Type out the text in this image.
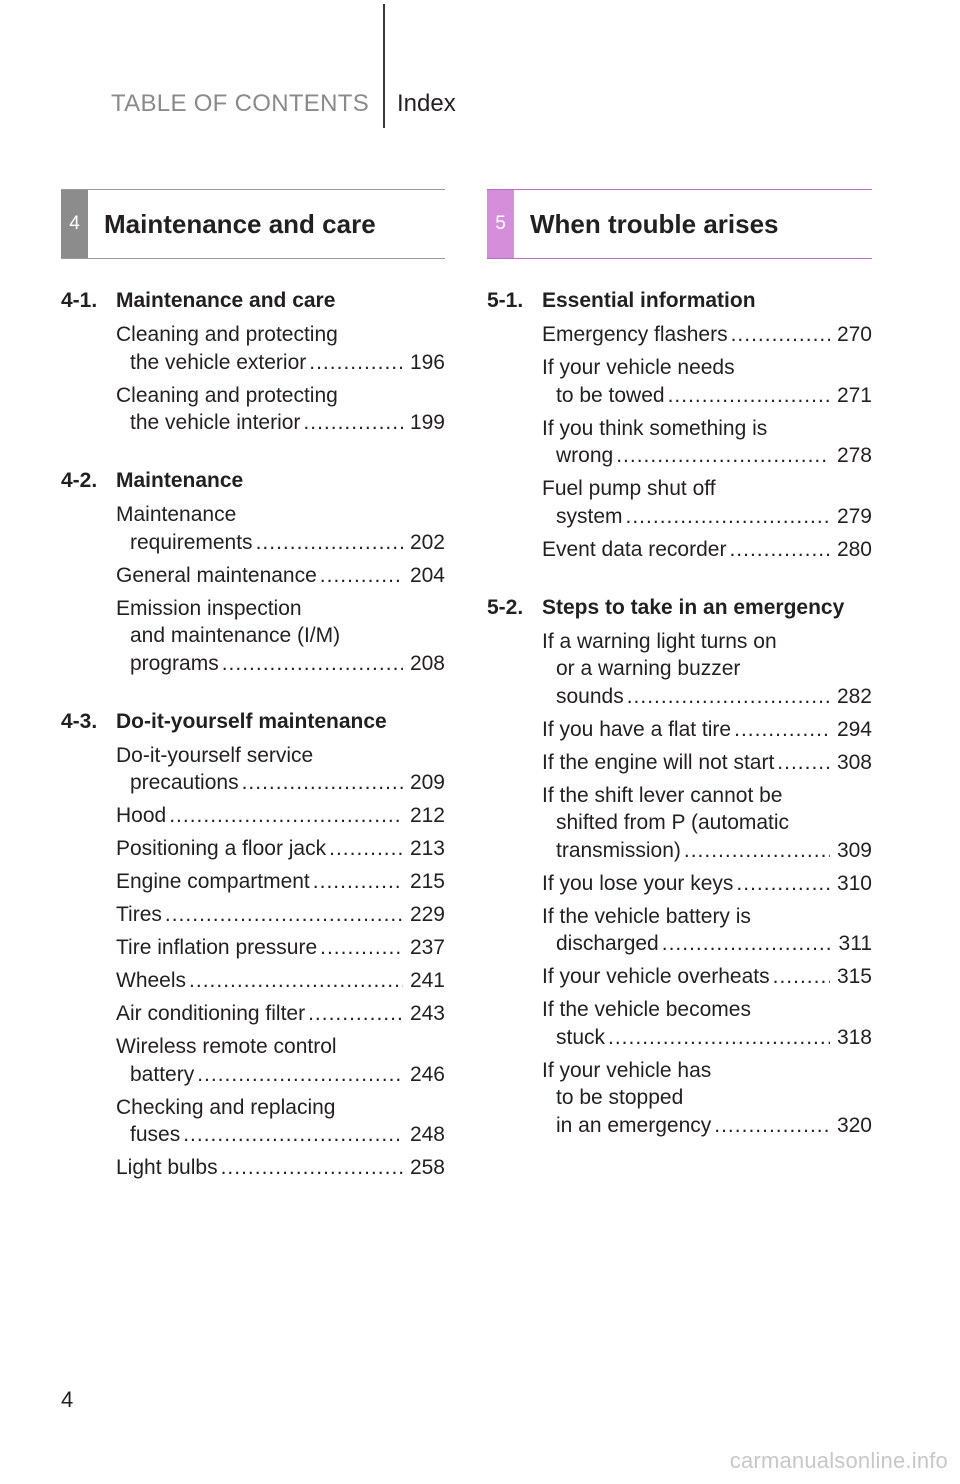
TABLE OF CONTENTS Index
4 Maintenance and care	5 When trouble arises
4-1. Maintenance and care
Cleaning and protecting
the vehicle exterior .....	196
Cleaning and protecting
the vehicle interior .....	199
4-2. Maintenance
Maintenance
requirements .....	202
General maintenance .....	204
Emission inspection
and maintenance (I/M)
programs .....	208
4-3. Do-it-yourself maintenance
Do-it-yourself service
precautions .....	209
Hood .....	212
Positioning a floor jack .....	213
Engine compartment .....	215
Tires .....	229
Tire inflation pressure .....	237
Wheels .....	241
Air conditioning filter .....	243
Wireless remote control
battery .....	246
Checking and replacing
fuses .....	248
Light bulbs .....	258
5-1. Essential information
Emergency flashers .....	270
If your vehicle needs
to be towed .....	271
If you think something is
wrong .....	278
Fuel pump shut off
system .....	279
Event data recorder .....	280
5-2. Steps to take in an emergency
If a warning light turns on
or a warning buzzer
sounds .....	282
If you have a flat tire .....	294
If the engine will not start .....	308
If the shift lever cannot be
shifted from P (automatic
transmission) .....	309
If you lose your keys .....	310
If the vehicle battery is
discharged .....	311
If your vehicle overheats .....	315
If the vehicle becomes
stuck .....	318
If your vehicle has
to be stopped
in an emergency .....	320
4
carmanualsonline.info
